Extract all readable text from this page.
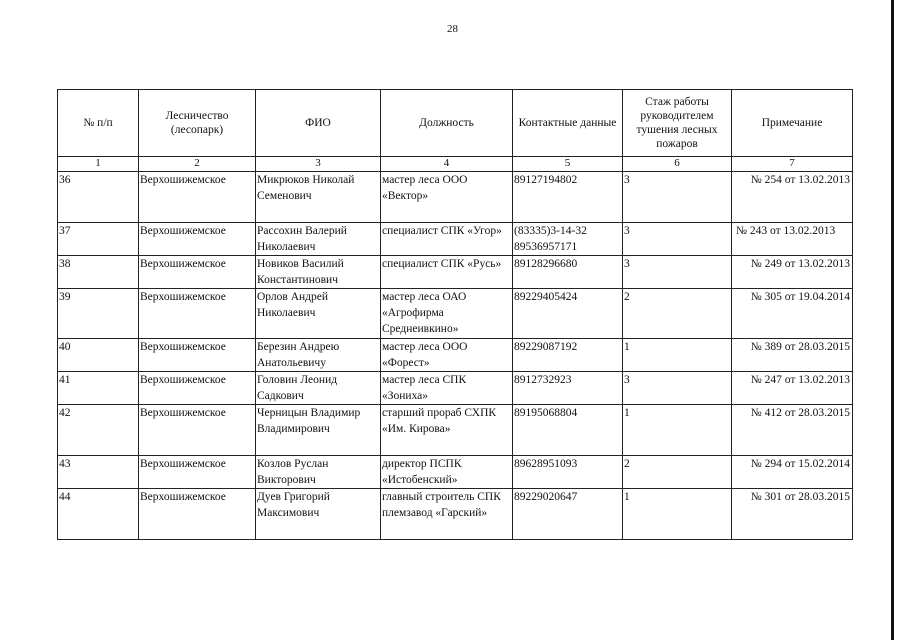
28
№ п/п	Лесничество (лесопарк)	ФИО	Должность	Контактные данные	Стаж работы руководителем тушения лесных пожаров	Примечание
1	2	3	4	5	6	7
36	Верхошижемское	Микрюков Николай Семенович	мастер леса ООО «Вектор»	89127194802	3	№ 254 от 13.02.2013
37	Верхошижемское	Рассохин Валерий Николаевич	специалист СПК «Угор»	(83335)3-14-32 89536957171	3	№ 243 от 13.02.2013
38	Верхошижемское	Новиков Василий Константинович	специалист СПК «Русь»	89128296680	3	№ 249 от 13.02.2013
39	Верхошижемское	Орлов Андрей Николаевич	мастер леса ОАО «Агрофирма Среднеивкино»	89229405424	2	№ 305 от 19.04.2014
40	Верхошижемское	Березин Андрею Анатольевичу	мастер леса ООО «Форест»	89229087192	1	№ 389 от 28.03.2015
41	Верхошижемское	Головин Леонид Садкович	мастер леса СПК «Зониха»	8912732923	3	№ 247 от 13.02.2013
42	Верхошижемское	Черницын Владимир Владимирович	старший прораб СХПК «Им. Кирова»	89195068804	1	№ 412 от 28.03.2015
43	Верхошижемское	Козлов Руслан Викторович	директор ПСПК «Истобенский»	89628951093	2	№ 294 от 15.02.2014
44	Верхошижемское	Дуев Григорий Максимович	главный строитель СПК племзавод «Гарский»	89229020647	1	№ 301 от 28.03.2015
